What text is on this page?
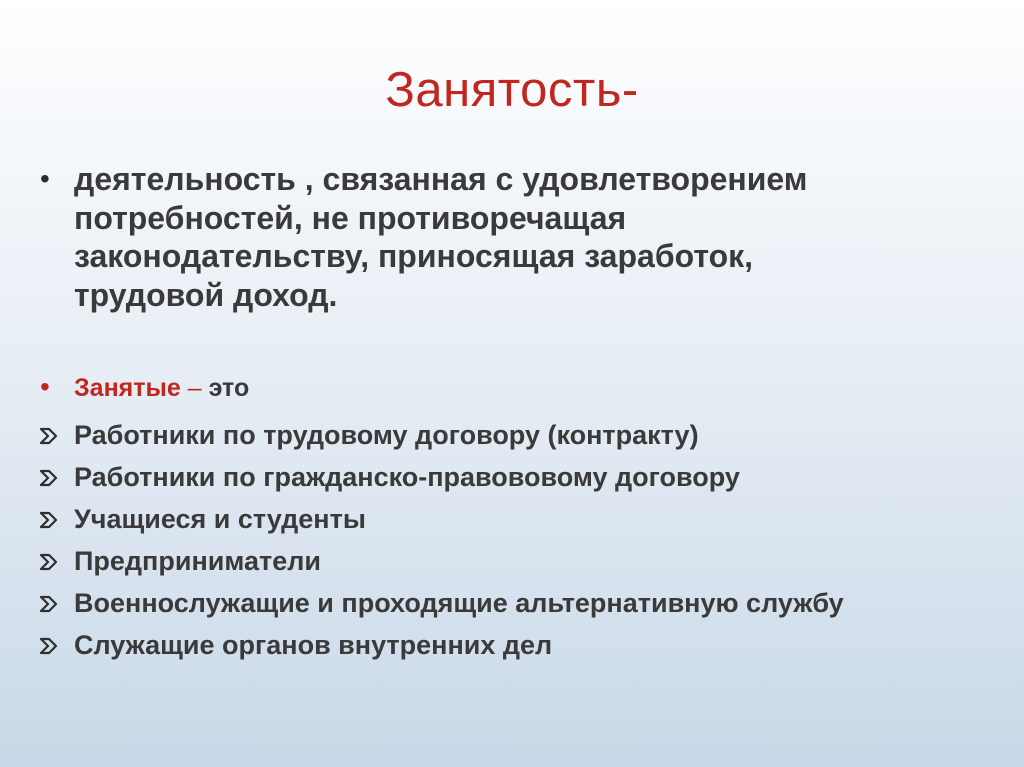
Занятость-
• деятельность , связанная с удовлетворением
потребностей, не противоречащая
законодательству, приносящая заработок,
трудовой доход.
• Занятые – это
Работники по трудовому договору (контракту)
Работники по гражданско-правововому договору
Учащиеся и студенты
Предприниматели
Военнослужащие и проходящие альтернативную службу
Служащие органов внутренних дел
